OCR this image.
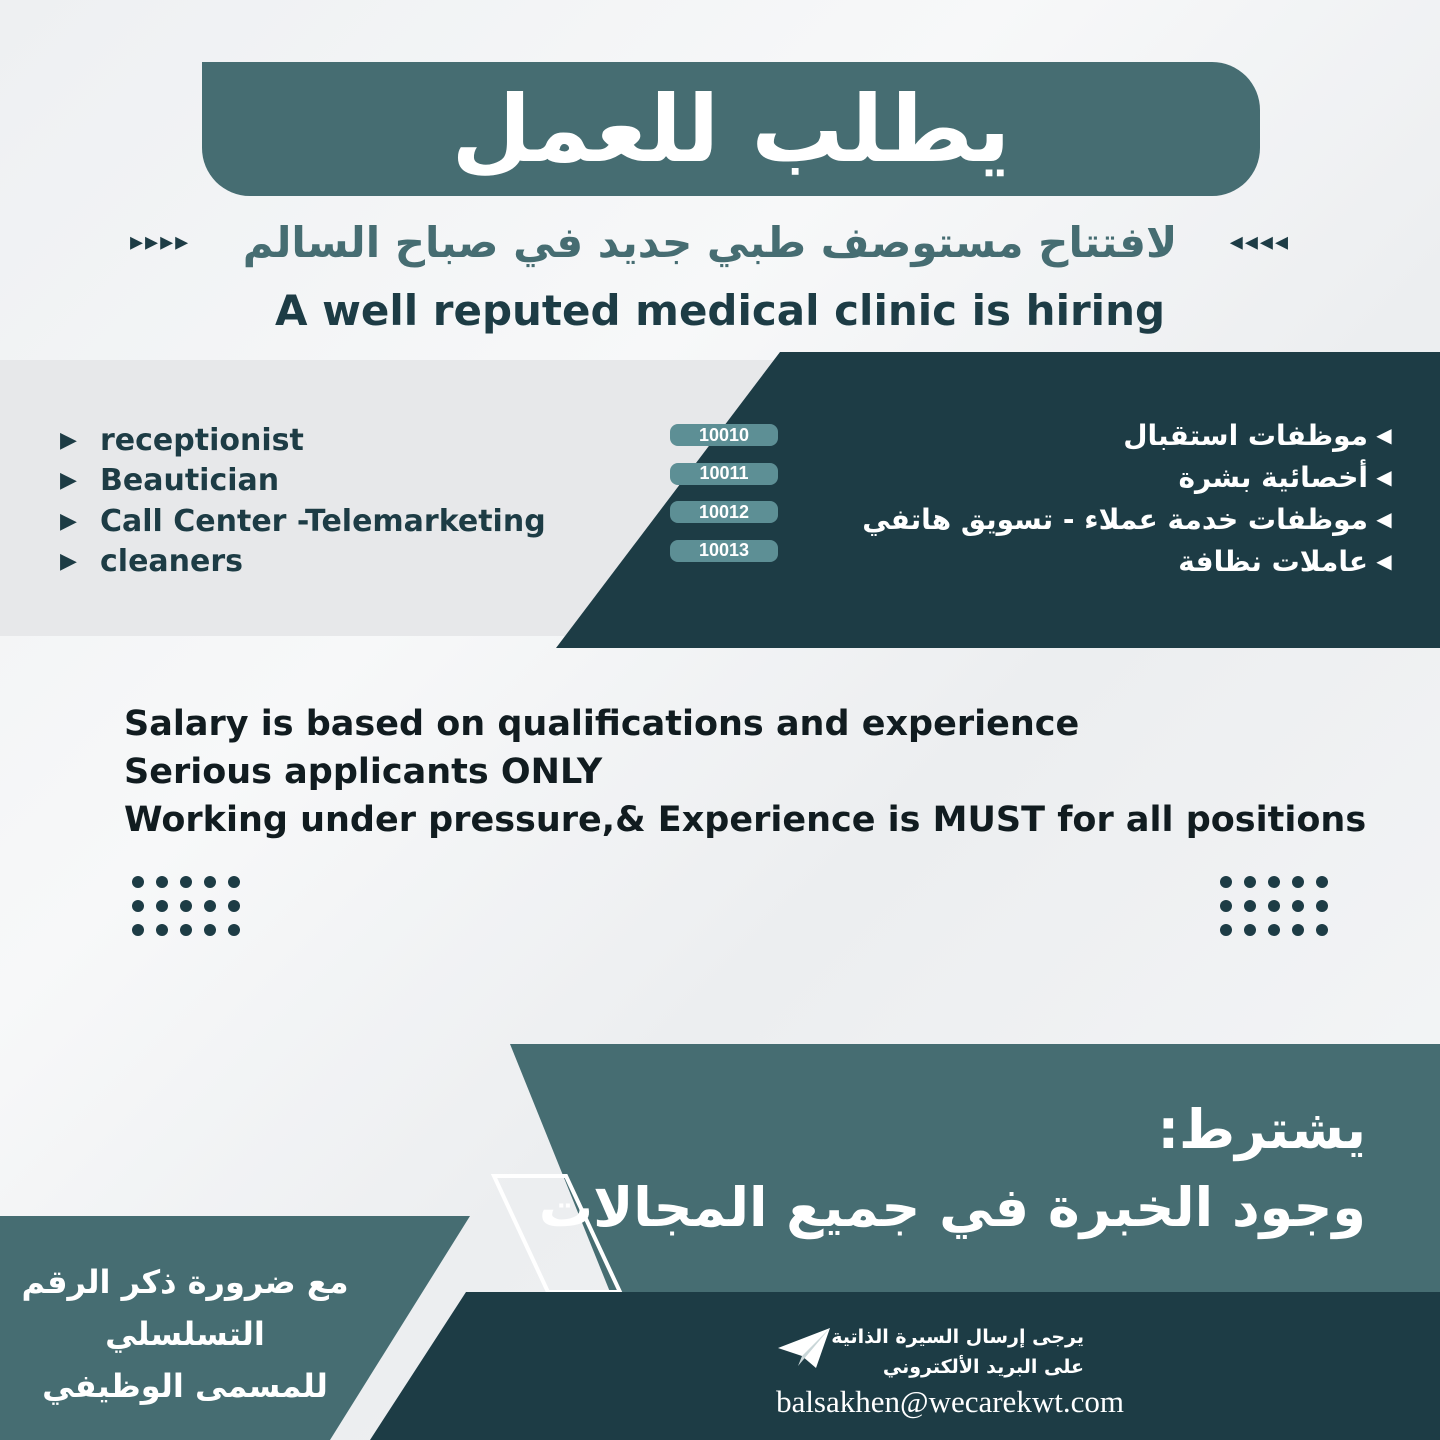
يطلب للعمل
▸▸▸▸ لافتتاح مستوصف طبي جديد في صباح السالم ◂◂◂◂
A well reputed medical clinic is hiring
▶ receptionist
▶ Beautician
▶ Call Center -Telemarketing
▶ cleaners
10010
10011
10012
10013
◀
موظفات استقبال
◀
أخصائية بشرة
◀
موظفات خدمة عملاء - تسويق هاتفي
◀
عاملات نظافة
Salary is based on qualifications and experience
Serious applicants ONLY
Working under pressure,& Experience is MUST for all positions
يشترط:
وجود الخبرة في جميع المجالات
مع ضرورة ذكر الرقم
التسلسلي
للمسمى الوظيفي
يرجى إرسال السيرة الذاتية
على البريد الألكتروني
balsakhen@wecarekwt.com
